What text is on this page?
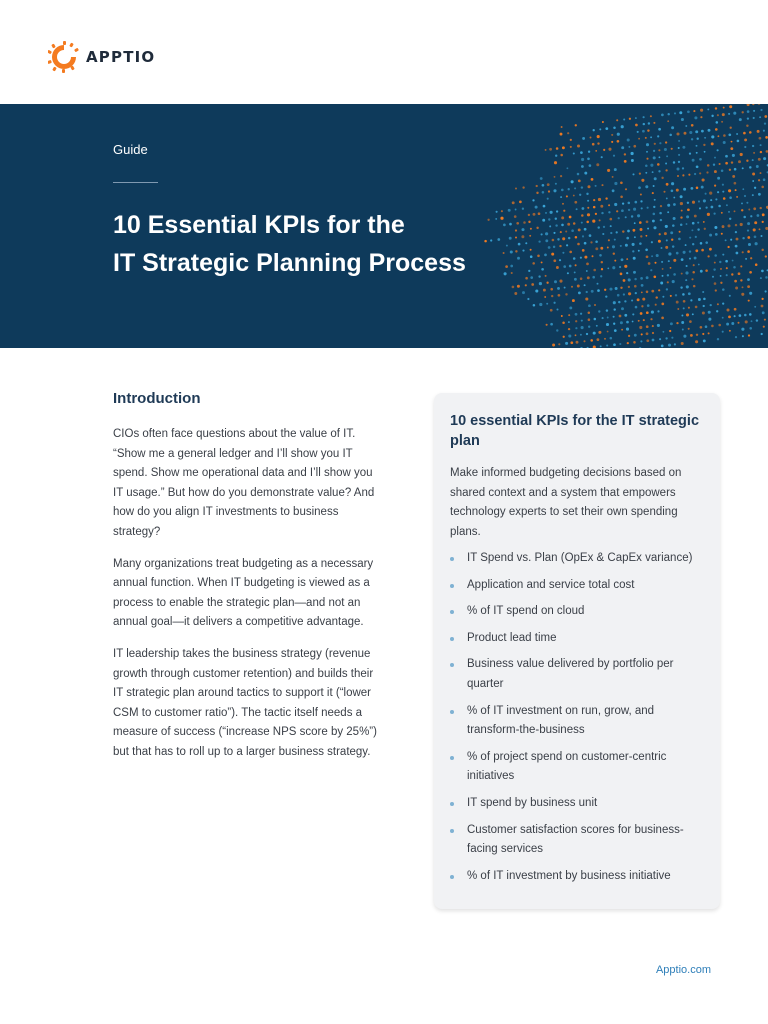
APPTIO
Guide
10 Essential KPIs for the
IT Strategic Planning Process
Introduction

CIOs often face questions about the value of IT. “Show me a general ledger and I’ll show you IT spend. Show me operational data and I’ll show you IT usage.” But how do you demonstrate value? And how do you align IT investments to business strategy?

Many organizations treat budgeting as a necessary annual function. When IT budgeting is viewed as a process to enable the strategic plan—and not an annual goal—it delivers a competitive advantage.

IT leadership takes the business strategy (revenue growth through customer retention) and builds their IT strategic plan around tactics to support it (“lower CSM to customer ratio”). The tactic itself needs a measure of success (“increase NPS score by 25%”) but that has to roll up to a larger business strategy.

10 essential KPIs for the IT strategic plan

Make informed budgeting decisions based on shared context and a system that empowers technology experts to set their own spending plans.

IT Spend vs. Plan (OpEx & CapEx variance)
Application and service total cost
% of IT spend on cloud
Product lead time
Business value delivered by portfolio per quarter
% of IT investment on run, grow, and transform-the-business
% of project spend on customer-centric initiatives
IT spend by business unit
Customer satisfaction scores for business-facing services
% of IT investment by business initiative
Apptio.com
